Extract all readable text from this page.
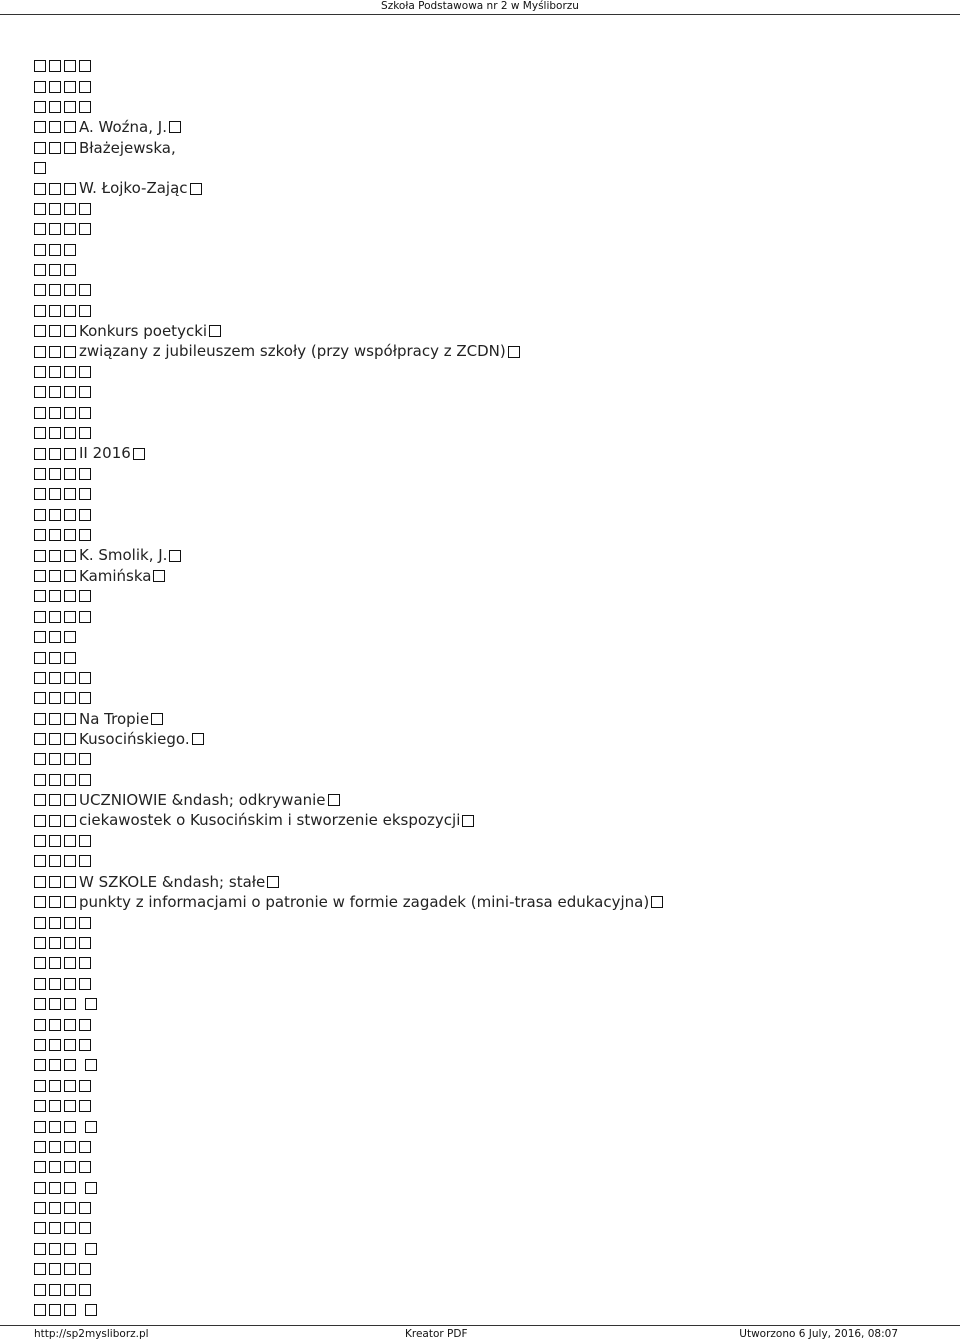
Szkoła Podstawowa nr 2 w Myśliborzu
A. Woźna, J.
Błażejewska,
W. Łojko-Zając
Konkurs poetycki
związany z jubileuszem szkoły (przy współpracy z ZCDN)
II 2016
K. Smolik, J.
Kamińska
Na Tropie
Kusocińskiego.
UCZNIOWIE &ndash; odkrywanie
ciekawostek o Kusocińskim i stworzenie ekspozycji
W SZKOLE &ndash; stałe
punkty z informacjami o patronie w formie zagadek (mini-trasa edukacyjna)
http://sp2mysliborz.pl	Kreator PDF	Utworzono 6 July, 2016, 08:07
